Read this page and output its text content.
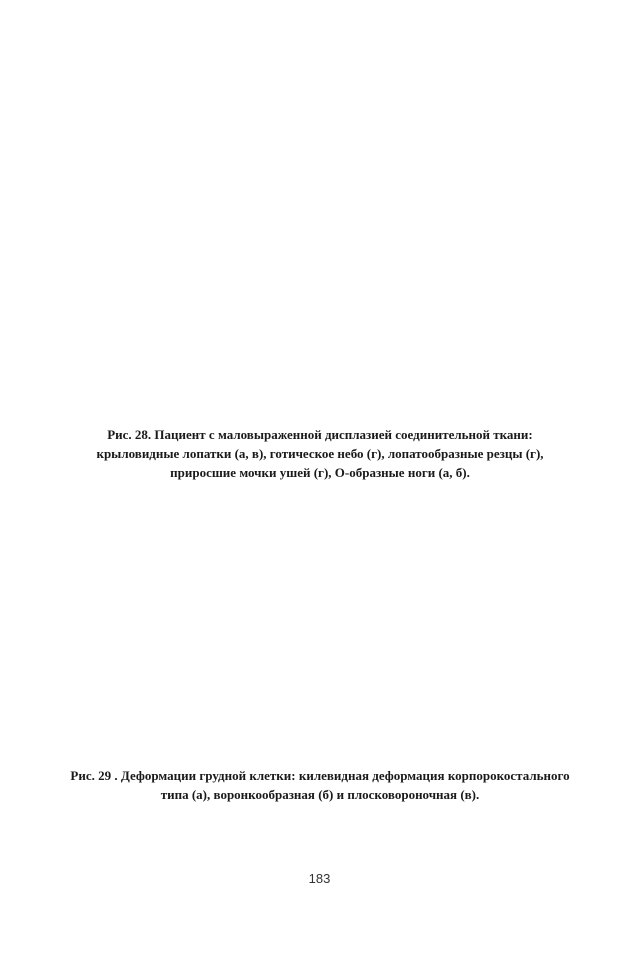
Рис. 28. Пациент с маловыраженной дисплазией соединительной ткани:
крыловидные лопатки (а, в), готическое небо (г), лопатообразные резцы (г),
приросшие мочки ушей (г), О-образные ноги (а, б).
Рис. 29 . Деформации грудной клетки: килевидная деформация корпорокостального
типа (а), воронкообразная (б) и плосковороночная (в).
183
